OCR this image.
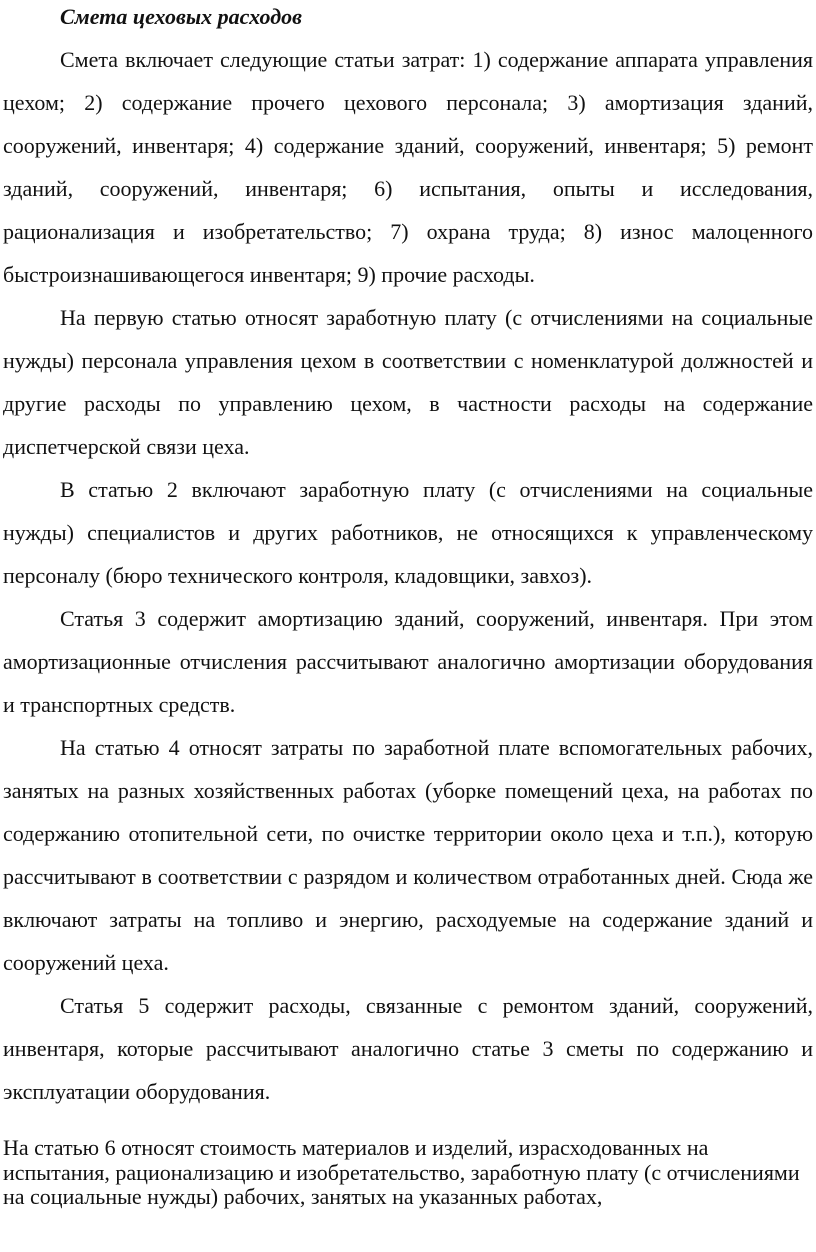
Смета цеховых расходов

Смета включает следующие статьи затрат: 1) содержание аппарата управления цехом; 2) содержание прочего цехового персонала; 3) амортизация зданий, сооружений, инвентаря; 4) содержание зданий, сооружений, инвентаря; 5) ремонт зданий, сооружений, инвентаря; 6) испытания, опыты и исследования, рационализация и изобретательство; 7) охрана труда; 8) износ малоценного быстроизнашивающегося инвентаря; 9) прочие расходы.

На первую статью относят заработную плату (с отчислениями на социальные нужды) персонала управления цехом в соответствии с номенклатурой должностей и другие расходы по управлению цехом, в частности расходы на содержание диспетчерской связи цеха.

В статью 2 включают заработную плату (с отчислениями на социальные нужды) специалистов и других работников, не относящихся к управленческому персоналу (бюро технического контроля, кладовщики, завхоз).

Статья 3 содержит амортизацию зданий, сооружений, инвентаря. При этом амортизационные отчисления рассчитывают аналогично амортизации оборудования и транспортных средств.

На статью 4 относят затраты по заработной плате вспомогательных рабочих, занятых на разных хозяйственных работах (уборке помещений цеха, на работах по содержанию отопительной сети, по очистке территории около цеха и т.п.), которую рассчитывают в соответствии с разрядом и количеством отработанных дней. Сюда же включают затраты на топливо и энергию, расходуемые на содержание зданий и сооружений цеха.

Статья 5 содержит расходы, связанные с ремонтом зданий, сооружений, инвентаря, которые рассчитывают аналогично статье 3 сметы по содержанию и эксплуатации оборудования.

На статью 6 относят стоимость материалов и изделий, израсходованных на испытания, рационализацию и изобретательство, заработную плату (с отчислениями на социальные нужды) рабочих, занятых на указанных работах,
